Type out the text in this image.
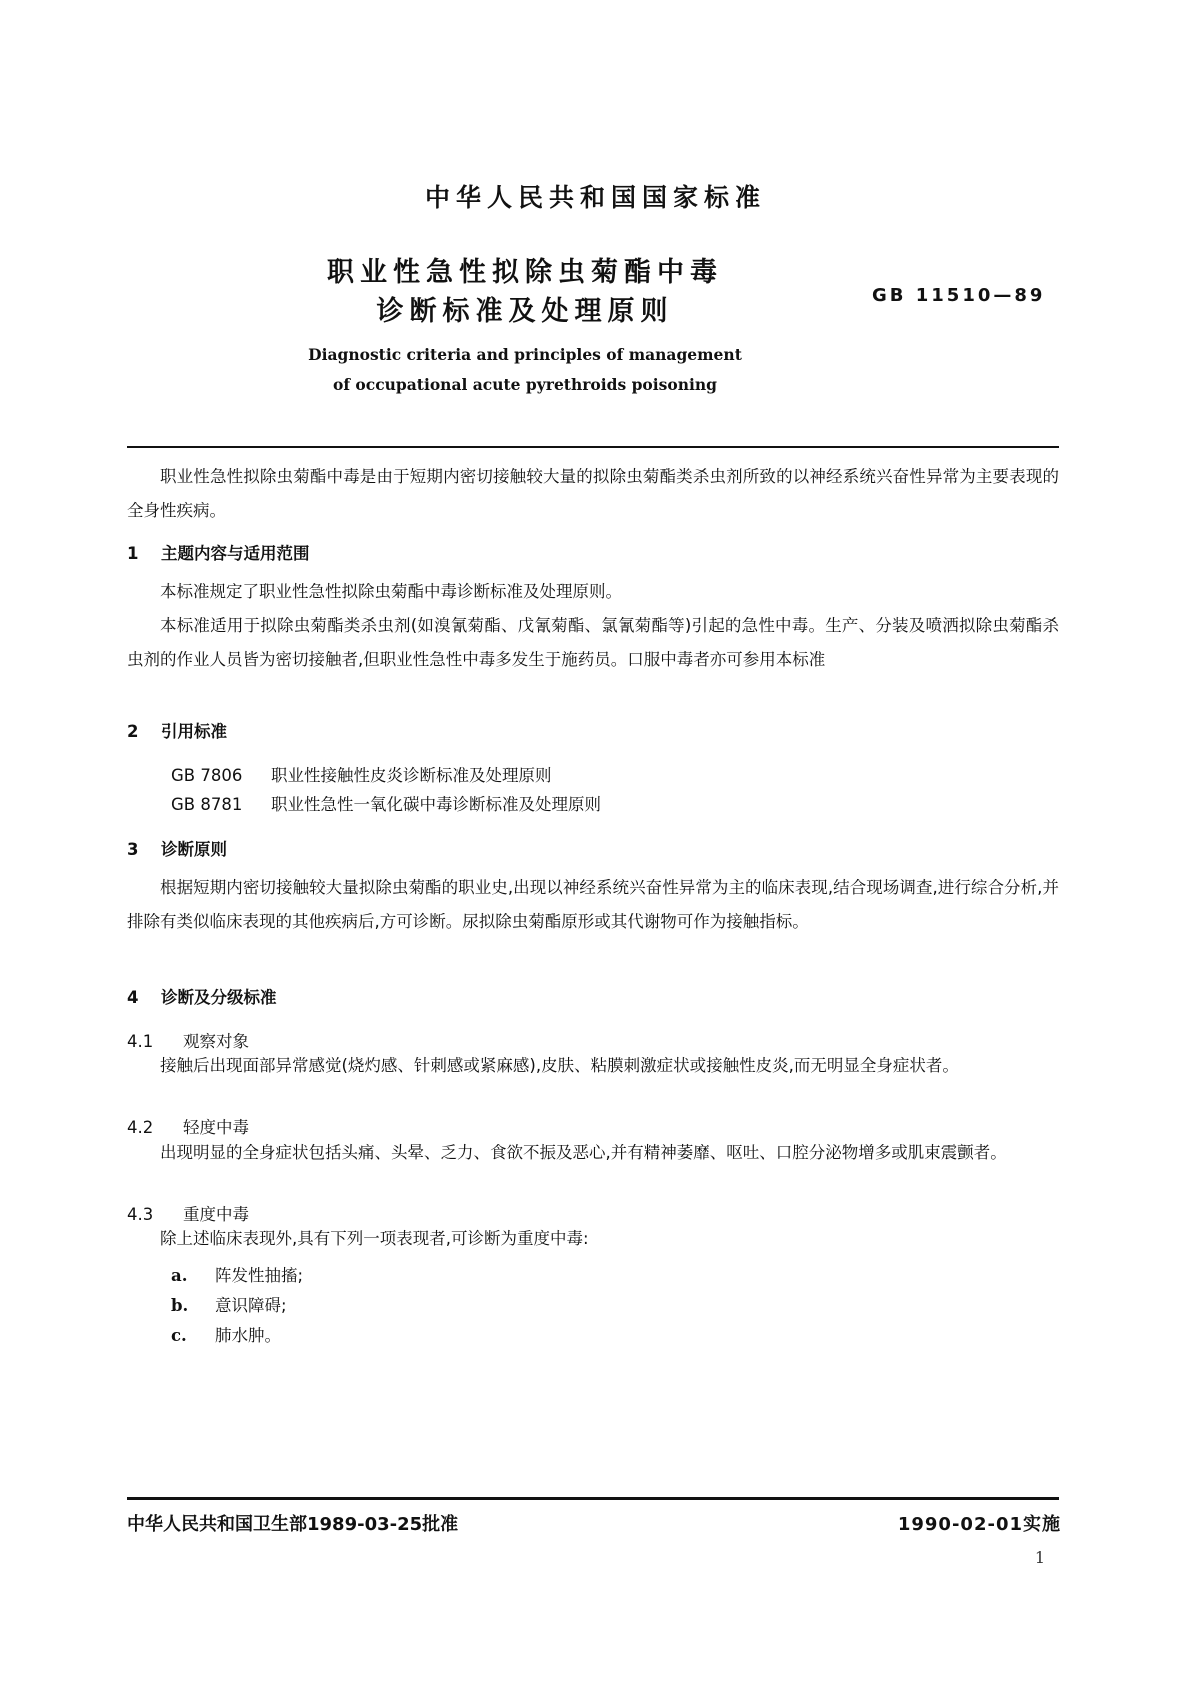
中华人民共和国国家标准
职业性急性拟除虫菊酯中毒
诊断标准及处理原则
GB 11510—89
Diagnostic criteria and principles of management
of occupational acute pyrethroids poisoning

职业性急性拟除虫菊酯中毒是由于短期内密切接触较大量的拟除虫菊酯类杀虫剂所致的以神经系统兴奋性异常为主要表现的全身性疾病。

1 主题内容与适用范围

本标准规定了职业性急性拟除虫菊酯中毒诊断标准及处理原则。

本标准适用于拟除虫菊酯类杀虫剂(如溴氰菊酯、戊氰菊酯、氯氰菊酯等)引起的急性中毒。生产、分装及喷洒拟除虫菊酯杀虫剂的作业人员皆为密切接触者,但职业性急性中毒多发生于施药员。口服中毒者亦可参用本标准

2 引用标准
GB 7806 职业性接触性皮炎诊断标准及处理原则
GB 8781 职业性急性一氧化碳中毒诊断标准及处理原则
3 诊断原则

根据短期内密切接触较大量拟除虫菊酯的职业史,出现以神经系统兴奋性异常为主的临床表现,结合现场调查,进行综合分析,并排除有类似临床表现的其他疾病后,方可诊断。尿拟除虫菊酯原形或其代谢物可作为接触指标。

4 诊断及分级标准
4.1 观察对象

接触后出现面部异常感觉(烧灼感、针刺感或紧麻感),皮肤、粘膜刺激症状或接触性皮炎,而无明显全身症状者。

4.2 轻度中毒

出现明显的全身症状包括头痛、头晕、乏力、食欲不振及恶心,并有精神萎靡、呕吐、口腔分泌物增多或肌束震颤者。

4.3 重度中毒

除上述临床表现外,具有下列一项表现者,可诊断为重度中毒:

a. 阵发性抽搐;
b. 意识障碍;
c. 肺水肿。
中华人民共和国卫生部1989-03-25批准	1990-02-01实施
1
